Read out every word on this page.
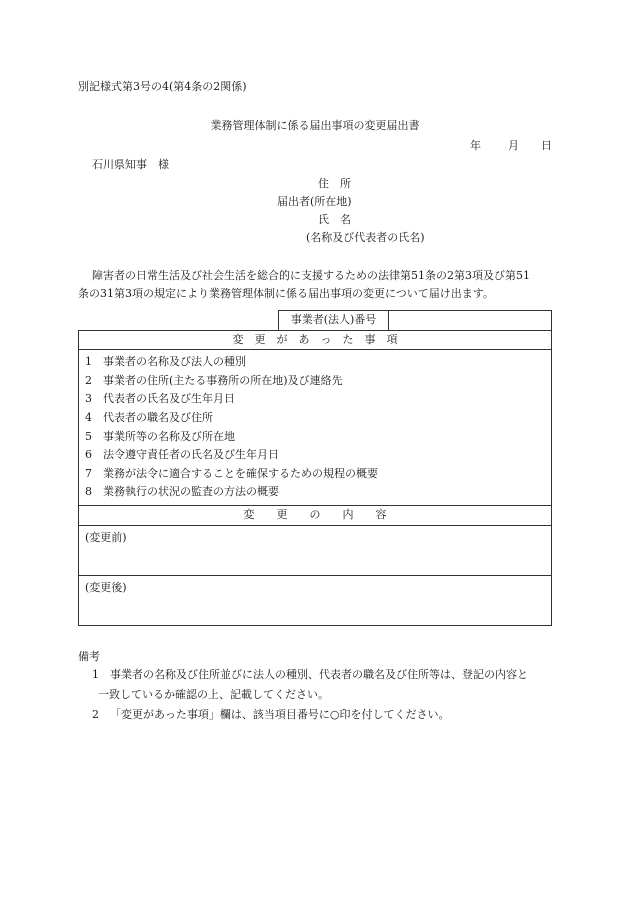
別記様式第3号の4(第4条の2関係)
業務管理体制に係る届出事項の変更届出書
年 月 日
石川県知事　様
住　所
届出者(所在地)
氏　名
(名称及び代表者の氏名)
障害者の日常生活及び社会生活を総合的に支援するための法律第51条の2第3項及び第51
条の31第3項の規定により業務管理体制に係る届出事項の変更について届け出ます。
	事業者(法人)番号	
変　更　が　あ　っ　た　事　項

1 事業者の名称及び法人の種別
2 事業者の住所(主たる事務所の所在地)及び連絡先
3 代表者の氏名及び生年月日
4 代表者の職名及び住所
5 事業所等の名称及び所在地
6 法令遵守責任者の氏名及び生年月日
7 業務が法令に適合することを確保するための規程の概要
8 業務執行の状況の監査の方法の概要

変　　更　　の　　内　　容
(変更前)
(変更後)
備考
1 事業者の名称及び住所並びに法人の種別、代表者の職名及び住所等は、登記の内容と
一致しているか確認の上、記載してください。
2 「変更があった事項」欄は、該当項目番号に○印を付してください。
